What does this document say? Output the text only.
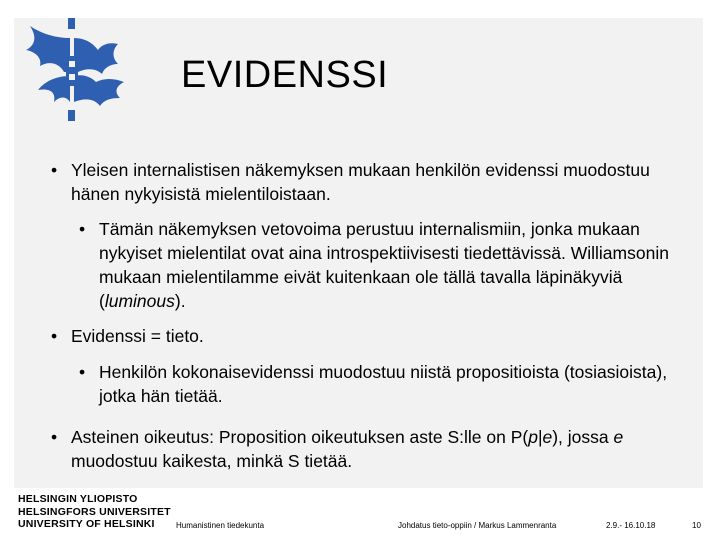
EVIDENSSI

• Yleisen internalistisen näkemyksen mukaan henkilön evidenssi muodostuu hänen nykyisistä mielentiloistaan.

• Tämän näkemyksen vetovoima perustuu internalismiin, jonka mukaan nykyiset mielentilat ovat aina introspektiivisesti tiedettävissä. Williamsonin mukaan mielentilamme eivät kuitenkaan ole tällä tavalla läpinäkyviä (luminous).

• Evidenssi = tieto.

• Henkilön kokonaisevidenssi muodostuu niistä propositioista (tosiasioista), jotka hän tietää.

• Asteinen oikeutus: Proposition oikeutuksen aste S:lle on P(p|e), jossa e muodostuu kaikesta, minkä S tietää.

HELSINGIN YLIOPISTO
HELSINGFORS UNIVERSITET
UNIVERSITY OF HELSINKI	Humanistinen tiedekunta	Johdatus tieto-oppiin / Markus Lammenranta	2.9.- 16.10.18	10
